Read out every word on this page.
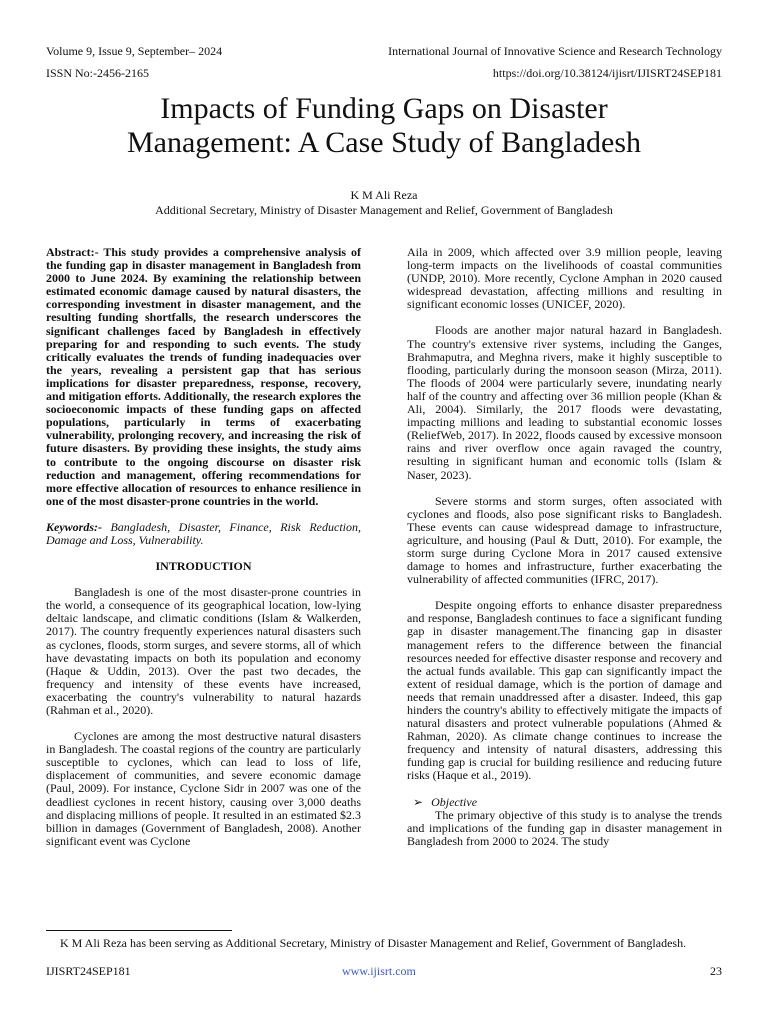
Volume 9, Issue 9, September– 2024	International Journal of Innovative Science and Research Technology
ISSN No:-2456-2165	https://doi.org/10.38124/ijisrt/IJISRT24SEP181
Impacts of Funding Gaps on Disaster
Management: A Case Study of Bangladesh
K M Ali Reza
Additional Secretary, Ministry of Disaster Management and Relief, Government of Bangladesh

Abstract:- This study provides a comprehensive analysis of the funding gap in disaster management in Bangladesh from 2000 to June 2024. By examining the relationship between estimated economic damage caused by natural disasters, the corresponding investment in disaster management, and the resulting funding shortfalls, the research underscores the significant challenges faced by Bangladesh in effectively preparing for and responding to such events. The study critically evaluates the trends of funding inadequacies over the years, revealing a persistent gap that has serious implications for disaster preparedness, response, recovery, and mitigation efforts. Additionally, the research explores the socioeconomic impacts of these funding gaps on affected populations, particularly in terms of exacerbating vulnerability, prolonging recovery, and increasing the risk of future disasters. By providing these insights, the study aims to contribute to the ongoing discourse on disaster risk reduction and management, offering recommendations for more effective allocation of resources to enhance resilience in one of the most disaster-prone countries in the world.

Keywords:- Bangladesh, Disaster, Finance, Risk Reduction, Damage and Loss, Vulnerability.

INTRODUCTION

Bangladesh is one of the most disaster-prone countries in the world, a consequence of its geographical location, low-lying deltaic landscape, and climatic conditions (Islam & Walkerden, 2017). The country frequently experiences natural disasters such as cyclones, floods, storm surges, and severe storms, all of which have devastating impacts on both its population and economy (Haque & Uddin, 2013). Over the past two decades, the frequency and intensity of these events have increased, exacerbating the country's vulnerability to natural hazards (Rahman et al., 2020).

Cyclones are among the most destructive natural disasters in Bangladesh. The coastal regions of the country are particularly susceptible to cyclones, which can lead to loss of life, displacement of communities, and severe economic damage (Paul, 2009). For instance, Cyclone Sidr in 2007 was one of the deadliest cyclones in recent history, causing over 3,000 deaths and displacing millions of people. It resulted in an estimated $2.3 billion in damages (Government of Bangladesh, 2008). Another significant event was Cyclone

Aila in 2009, which affected over 3.9 million people, leaving long-term impacts on the livelihoods of coastal communities (UNDP, 2010). More recently, Cyclone Amphan in 2020 caused widespread devastation, affecting millions and resulting in significant economic losses (UNICEF, 2020).

Floods are another major natural hazard in Bangladesh. The country's extensive river systems, including the Ganges, Brahmaputra, and Meghna rivers, make it highly susceptible to flooding, particularly during the monsoon season (Mirza, 2011). The floods of 2004 were particularly severe, inundating nearly half of the country and affecting over 36 million people (Khan & Ali, 2004). Similarly, the 2017 floods were devastating, impacting millions and leading to substantial economic losses (ReliefWeb, 2017). In 2022, floods caused by excessive monsoon rains and river overflow once again ravaged the country, resulting in significant human and economic tolls (Islam & Naser, 2023).

Severe storms and storm surges, often associated with cyclones and floods, also pose significant risks to Bangladesh. These events can cause widespread damage to infrastructure, agriculture, and housing (Paul & Dutt, 2010). For example, the storm surge during Cyclone Mora in 2017 caused extensive damage to homes and infrastructure, further exacerbating the vulnerability of affected communities (IFRC, 2017).

Despite ongoing efforts to enhance disaster preparedness and response, Bangladesh continues to face a significant funding gap in disaster management.The financing gap in disaster management refers to the difference between the financial resources needed for effective disaster response and recovery and the actual funds available. This gap can significantly impact the extent of residual damage, which is the portion of damage and needs that remain unaddressed after a disaster. Indeed, this gap hinders the country's ability to effectively mitigate the impacts of natural disasters and protect vulnerable populations (Ahmed & Rahman, 2020). As climate change continues to increase the frequency and intensity of natural disasters, addressing this funding gap is crucial for building resilience and reducing future risks (Haque et al., 2019).

➢ Objective

The primary objective of this study is to analyse the trends and implications of the funding gap in disaster management in Bangladesh from 2000 to 2024. The study

K M Ali Reza has been serving as Additional Secretary, Ministry of Disaster Management and Relief, Government of Bangladesh.
IJISRT24SEP181	www.ijisrt.com	23
